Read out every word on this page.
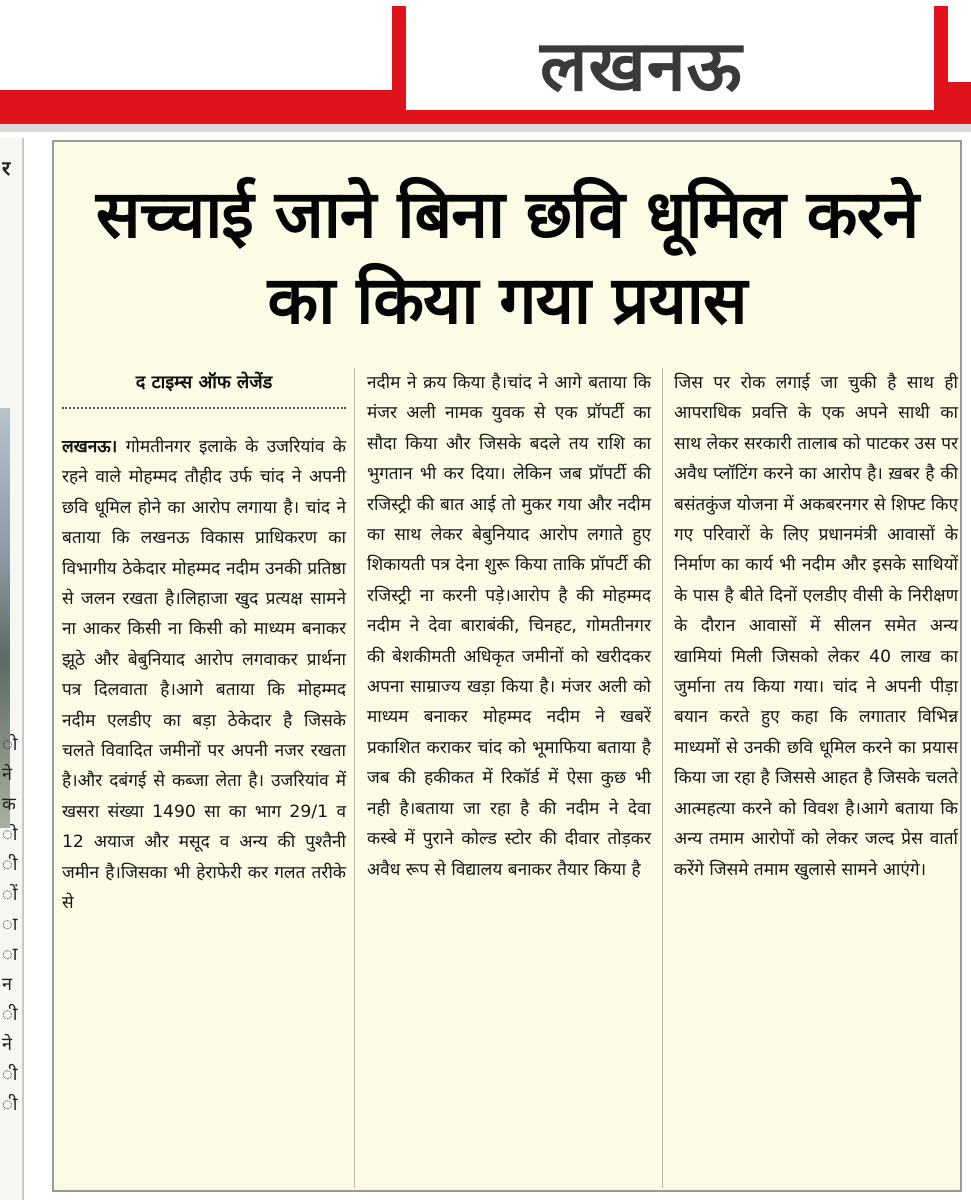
लखनऊ
र
ो
ने
क
ो
ी
ों
ा
ा
न
ी
ने
ी
ी
सच्चाई जाने बिना छवि धूमिल करने का किया गया प्रयास
द टाइम्स ऑफ लेजेंड
लखनऊ। गोमतीनगर इलाके के उजरियांव के रहने वाले मोहम्मद तौहीद उर्फ चांद ने अपनी छवि धूमिल होने का आरोप लगाया है। चांद ने बताया कि लखनऊ विकास प्राधिकरण का विभागीय ठेकेदार मोहम्मद नदीम उनकी प्रतिष्ठा से जलन रखता है।लिहाजा खुद प्रत्यक्ष सामने ना आकर किसी ना किसी को माध्यम बनाकर झूठे और बेबुनियाद आरोप लगवाकर प्रार्थना पत्र दिलवाता है।आगे बताया कि मोहम्मद नदीम एलडीए का बड़ा ठेकेदार है जिसके चलते विवादित जमीनों पर अपनी नजर रखता है।और दबंगई से कब्जा लेता है। उजरियांव में खसरा संख्या 1490 सा का भाग 29/1 व 12 अयाज और मसूद व अन्य की पुश्तैनी जमीन है।जिसका भी हेराफेरी कर गलत तरीके से
नदीम ने क्रय किया है।चांद ने आगे बताया कि मंजर अली नामक युवक से एक प्रॉपर्टी का सौदा किया और जिसके बदले तय राशि का भुगतान भी कर दिया। लेकिन जब प्रॉपर्टी की रजिस्ट्री की बात आई तो मुकर गया और नदीम का साथ लेकर बेबुनियाद आरोप लगाते हुए शिकायती पत्र देना शुरू किया ताकि प्रॉपर्टी की रजिस्ट्री ना करनी पड़े।आरोप है की मोहम्मद नदीम ने देवा बाराबंकी, चिनहट, गोमतीनगर की बेशकीमती अधिकृत जमीनों को खरीदकर अपना साम्राज्य खड़ा किया है। मंजर अली को माध्यम बनाकर मोहम्मद नदीम ने खबरें प्रकाशित कराकर चांद को भूमाफिया बताया है जब की हकीकत में रिकॉर्ड में ऐसा कुछ भी नही है।बताया जा रहा है की नदीम ने देवा कस्बे में पुराने कोल्ड स्टोर की दीवार तोड़कर अवैध रूप से विद्यालय बनाकर तैयार किया है
जिस पर रोक लगाई जा चुकी है साथ ही आपराधिक प्रवत्ति के एक अपने साथी का साथ लेकर सरकारी तालाब को पाटकर उस पर अवैध प्लॉटिंग करने का आरोप है। ख़बर है की बसंतकुंज योजना में अकबरनगर से शिफ्ट किए गए परिवारों के लिए प्रधानमंत्री आवासों के निर्माण का कार्य भी नदीम और इसके साथियों के पास है बीते दिनों एलडीए वीसी के निरीक्षण के दौरान आवासों में सीलन समेत अन्य खामियां मिली जिसको लेकर 40 लाख का जुर्माना तय किया गया। चांद ने अपनी पीड़ा बयान करते हुए कहा कि लगातार विभिन्न माध्यमों से उनकी छवि धूमिल करने का प्रयास किया जा रहा है जिससे आहत है जिसके चलते आत्महत्या करने को विवश है।आगे बताया कि अन्य तमाम आरोपों को लेकर जल्द प्रेस वार्ता करेंगे जिसमे तमाम खुलासे सामने आएंगे।
